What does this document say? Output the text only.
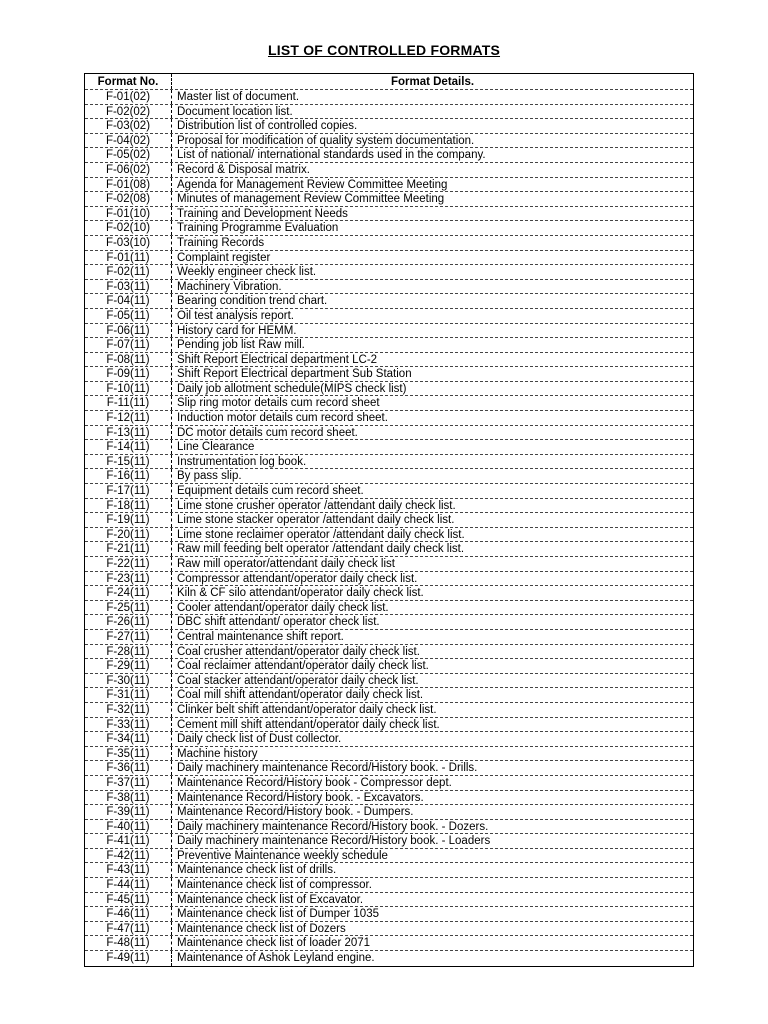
LIST OF CONTROLLED FORMATS
Format No.	Format Details.
F-01(02)	Master list of document.
F-02(02)	Document location list.
F-03(02)	Distribution list of controlled copies.
F-04(02)	Proposal for modification of quality system documentation.
F-05(02)	List of national/ international standards used in the company.
F-06(02)	Record & Disposal matrix.
F-01(08)	Agenda for Management Review Committee Meeting
F-02(08)	Minutes of management Review Committee Meeting
F-01(10)	Training and Development Needs
F-02(10)	Training Programme Evaluation
F-03(10)	Training Records
F-01(11)	Complaint register
F-02(11)	Weekly engineer check list.
F-03(11)	Machinery Vibration.
F-04(11)	Bearing condition trend chart.
F-05(11)	Oil test analysis report.
F-06(11)	History card for HEMM.
F-07(11)	Pending job list Raw mill.
F-08(11)	Shift Report Electrical department LC-2
F-09(11)	Shift Report Electrical department Sub Station
F-10(11)	Daily job allotment schedule(MIPS check list)
F-11(11)	Slip ring motor details cum record sheet
F-12(11)	Induction motor details cum record sheet.
F-13(11)	DC motor details cum record sheet.
F-14(11)	Line Clearance
F-15(11)	Instrumentation log book.
F-16(11)	By pass slip.
F-17(11)	Equipment details cum record sheet.
F-18(11)	Lime stone crusher operator /attendant daily check list.
F-19(11)	Lime stone stacker operator /attendant daily check list.
F-20(11)	Lime stone reclaimer operator /attendant daily check list.
F-21(11)	Raw mill feeding belt operator /attendant daily check list.
F-22(11)	Raw mill operator/attendant daily check list
F-23(11)	Compressor attendant/operator daily check list.
F-24(11)	Kiln & CF silo attendant/operator daily check list.
F-25(11)	Cooler attendant/operator daily check list.
F-26(11)	DBC shift attendant/ operator check list.
F-27(11)	Central maintenance shift report.
F-28(11)	Coal crusher attendant/operator daily check list.
F-29(11)	Coal reclaimer attendant/operator daily check list.
F-30(11)	Coal stacker attendant/operator daily check list.
F-31(11)	Coal mill shift attendant/operator daily check list.
F-32(11)	Clinker belt shift attendant/operator daily check list.
F-33(11)	Cement mill shift attendant/operator daily check list.
F-34(11)	Daily check list of Dust collector.
F-35(11)	Machine history
F-36(11)	Daily machinery maintenance Record/History book. - Drills.
F-37(11)	Maintenance Record/History book - Compressor dept.
F-38(11)	Maintenance Record/History book. - Excavators.
F-39(11)	Maintenance Record/History book. - Dumpers.
F-40(11)	Daily machinery maintenance Record/History book. - Dozers.
F-41(11)	Daily machinery maintenance Record/History book. - Loaders
F-42(11)	Preventive Maintenance weekly schedule
F-43(11)	Maintenance check list of drills.
F-44(11)	Maintenance check list of compressor.
F-45(11)	Maintenance check list of Excavator.
F-46(11)	Maintenance check list of Dumper 1035
F-47(11)	Maintenance check list of Dozers
F-48(11)	Maintenance check list of loader 2071
F-49(11)	Maintenance of Ashok Leyland engine.
